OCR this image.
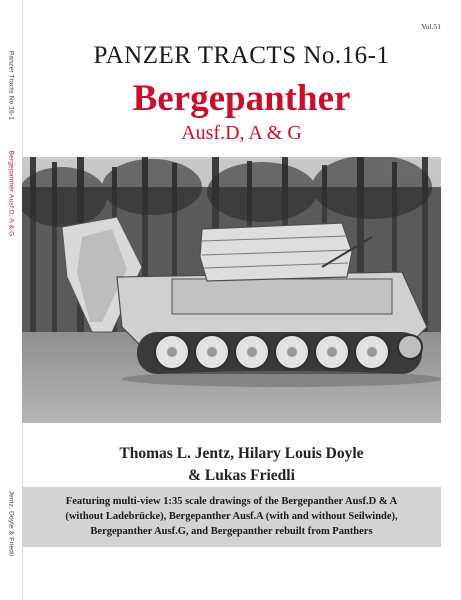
Panzer Tracts No.16-1
Bergepanther Ausf.D, A & G
Jentz, Doyle & Friedli
Vol.51
PANZER TRACTS No.16-1
Bergepanther
Ausf.D, A & G
Thomas L. Jentz, Hilary Louis Doyle
& Lukas Friedli
Featuring multi-view 1:35 scale drawings of the Bergepanther Ausf.D & A
(without Ladebrücke), Bergepanther Ausf.A (with and without Seilwinde),
Bergepanther Ausf.G, and Bergepanther rebuilt from Panthers
